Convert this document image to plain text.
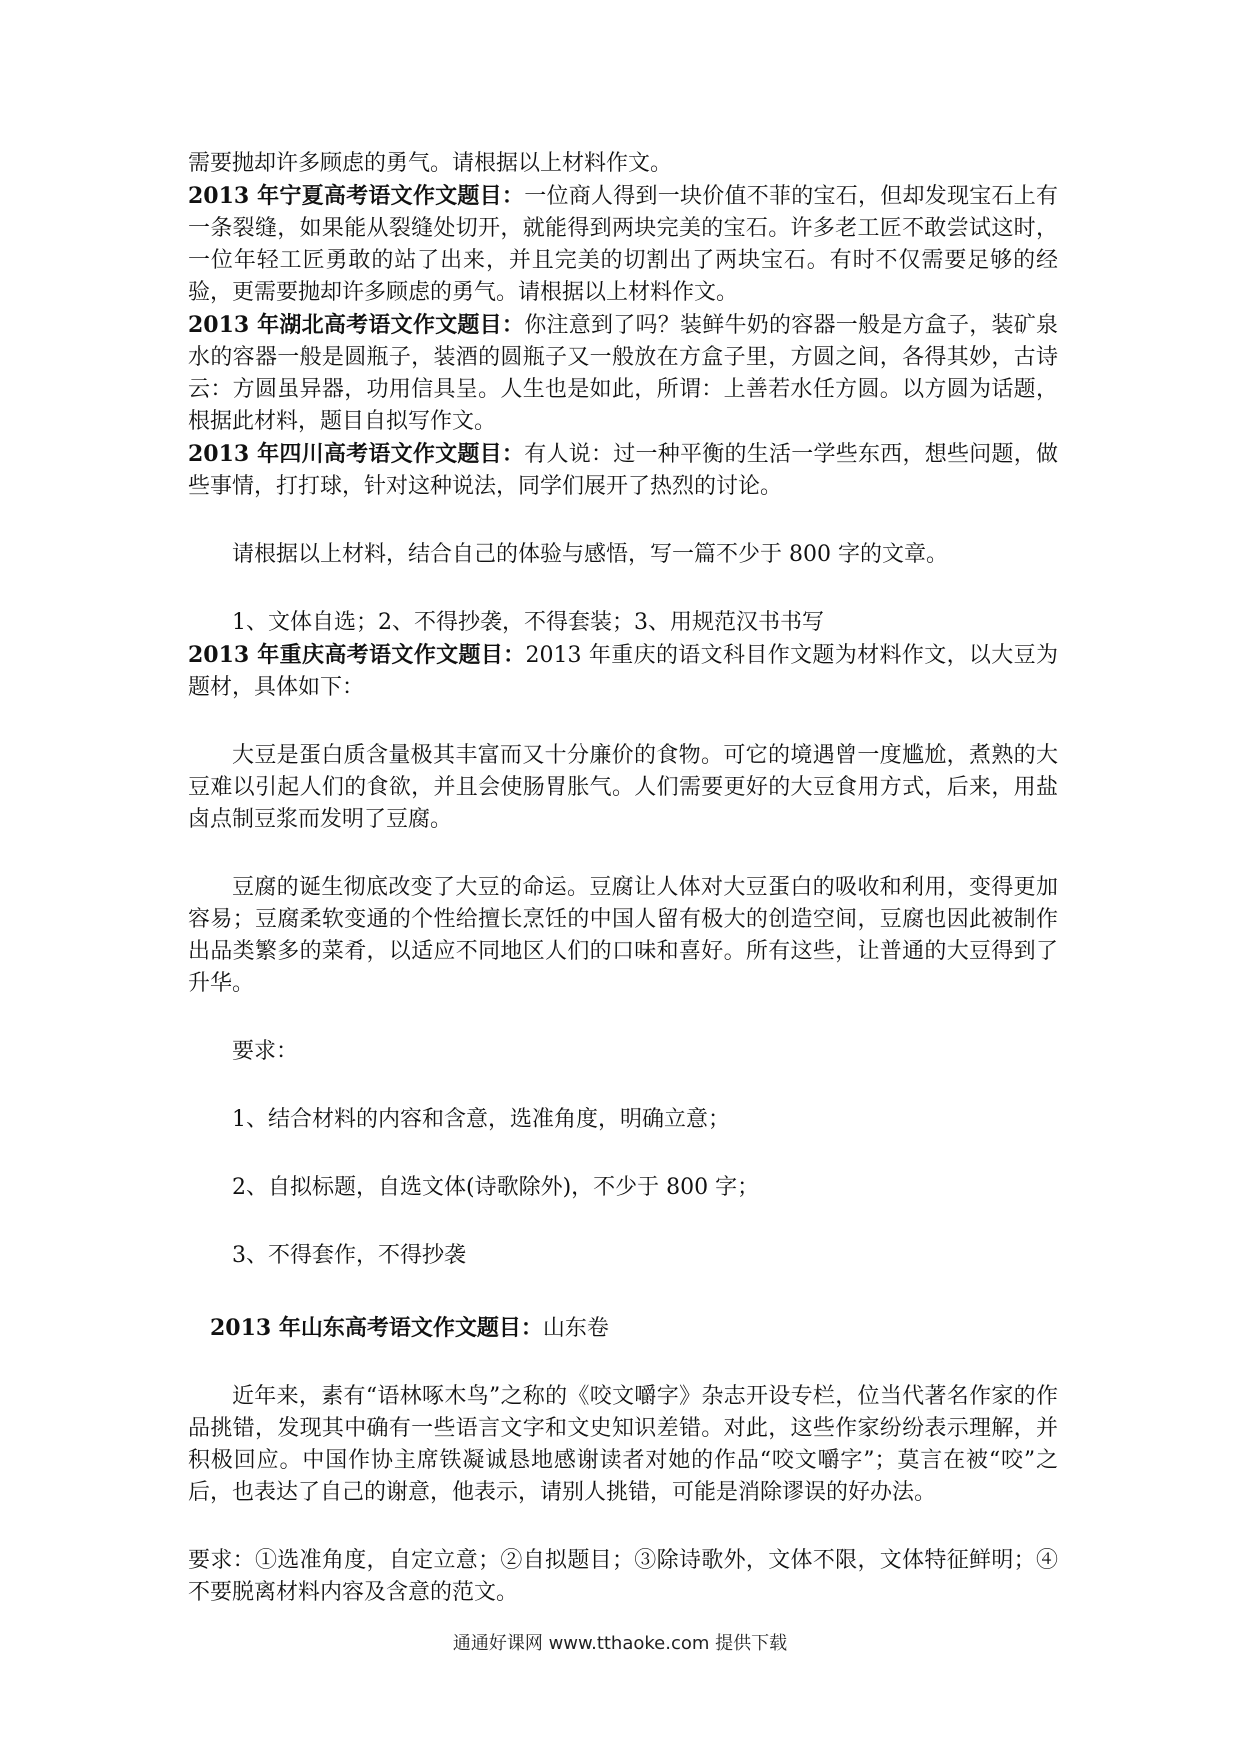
需要抛却许多顾虑的勇气。请根据以上材料作文。

2013 年宁夏高考语文作文题目：一位商人得到一块价值不菲的宝石，但却发现宝石上有一条裂缝，如果能从裂缝处切开，就能得到两块完美的宝石。许多老工匠不敢尝试这时，一位年轻工匠勇敢的站了出来，并且完美的切割出了两块宝石。有时不仅需要足够的经验，更需要抛却许多顾虑的勇气。请根据以上材料作文。

2013 年湖北高考语文作文题目：你注意到了吗？装鲜牛奶的容器一般是方盒子，装矿泉水的容器一般是圆瓶子，装酒的圆瓶子又一般放在方盒子里，方圆之间，各得其妙，古诗云：方圆虽异器，功用信具呈。人生也是如此，所谓：上善若水任方圆。以方圆为话题，根据此材料，题目自拟写作文。

2013 年四川高考语文作文题目：有人说：过一种平衡的生活一学些东西，想些问题，做些事情，打打球，针对这种说法，同学们展开了热烈的讨论。

请根据以上材料，结合自己的体验与感悟，写一篇不少于 800 字的文章。

1、文体自选；2、不得抄袭，不得套装；3、用规范汉书书写

2013 年重庆高考语文作文题目：2013 年重庆的语文科目作文题为材料作文，以大豆为题材，具体如下：

大豆是蛋白质含量极其丰富而又十分廉价的食物。可它的境遇曾一度尴尬，煮熟的大豆难以引起人们的食欲，并且会使肠胃胀气。人们需要更好的大豆食用方式，后来，用盐卤点制豆浆而发明了豆腐。

豆腐的诞生彻底改变了大豆的命运。豆腐让人体对大豆蛋白的吸收和利用，变得更加容易；豆腐柔软变通的个性给擅长烹饪的中国人留有极大的创造空间，豆腐也因此被制作出品类繁多的菜肴，以适应不同地区人们的口味和喜好。所有这些，让普通的大豆得到了升华。

要求：

1、结合材料的内容和含意，选准角度，明确立意；

2、自拟标题，自选文体(诗歌除外)，不少于 800 字；

3、不得套作，不得抄袭

2013 年山东高考语文作文题目：山东卷

近年来，素有“语林啄木鸟”之称的《咬文嚼字》杂志开设专栏，位当代著名作家的作品挑错，发现其中确有一些语言文字和文史知识差错。对此，这些作家纷纷表示理解，并积极回应。中国作协主席铁凝诚恳地感谢读者对她的作品“咬文嚼字”；莫言在被“咬”之后，也表达了自己的谢意，他表示，请别人挑错，可能是消除谬误的好办法。

要求：①选准角度，自定立意；②自拟题目；③除诗歌外，文体不限，文体特征鲜明；④不要脱离材料内容及含意的范文。

通通好课网 www.tthaoke.com 提供下载
